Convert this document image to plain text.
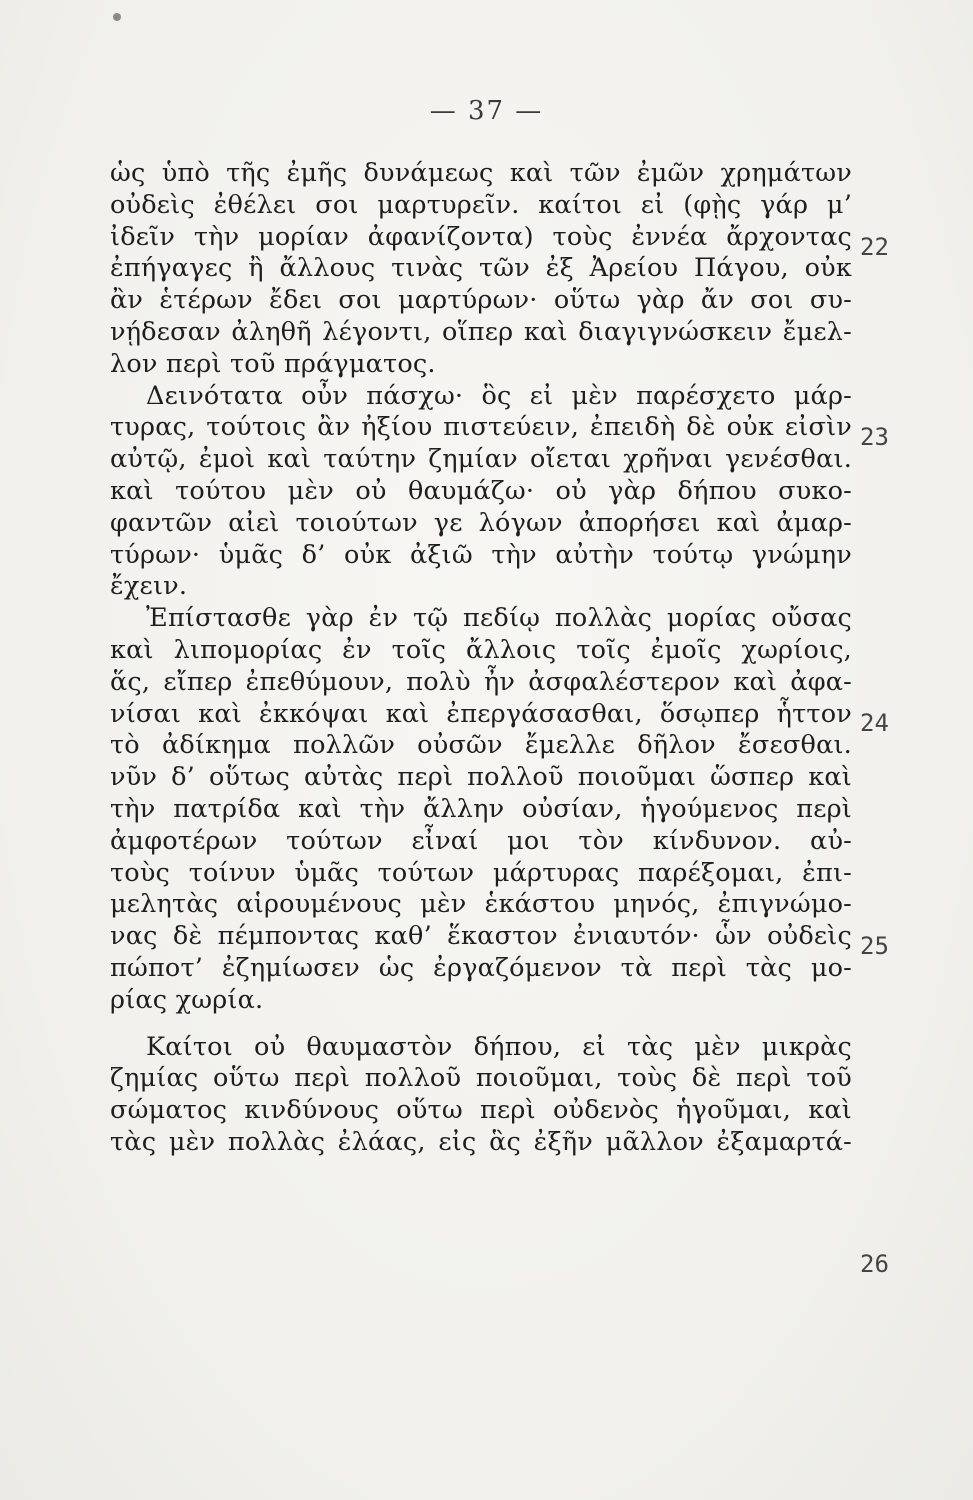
— 37 —
ὡς ὑπὸ τῆς ἐμῆς δυνάμεως καὶ τῶν ἐμῶν χρημάτων
οὐδεὶς ἐθέλει σοι μαρτυρεῖν. καίτοι εἰ (φῂς γάρ μ’
ἰδεῖν τὴν μορίαν ἀφανίζοντα) τοὺς ἐννέα ἄρχοντας
ἐπήγαγες ἢ ἄλλους τινὰς τῶν ἐξ Ἀρείου Πάγου, οὐκ
ἂν ἑτέρων ἔδει σοι μαρτύρων· οὕτω γὰρ ἄν σοι συ-
νῄδεσαν ἀληθῆ λέγοντι, οἵπερ καὶ διαγιγνώσκειν ἔμελ-
λον περὶ τοῦ πράγματος.
Δεινότατα οὖν πάσχω· ὃς εἰ μὲν παρέσχετο μάρ-
τυρας, τούτοις ἂν ἠξίου πιστεύειν, ἐπειδὴ δὲ οὐκ εἰσὶν
αὐτῷ, ἐμοὶ καὶ ταύτην ζημίαν οἴεται χρῆναι γενέσθαι.
καὶ τούτου μὲν οὐ θαυμάζω· οὐ γὰρ δήπου συκο-
φαντῶν αἰεὶ τοιούτων γε λόγων ἀπορήσει καὶ ἀμαρ-
τύρων· ὑμᾶς δ’ οὐκ ἀξιῶ τὴν αὐτὴν τούτῳ γνώμην
ἔχειν.
Ἐπίστασθε γὰρ ἐν τῷ πεδίῳ πολλὰς μορίας οὔσας
καὶ λιπομορίας ἐν τοῖς ἄλλοις τοῖς ἐμοῖς χωρίοις,
ἅς, εἴπερ ἐπεθύμουν, πολὺ ἦν ἀσφαλέστερον καὶ ἀφα-
νίσαι καὶ ἐκκόψαι καὶ ἐπεργάσασθαι, ὅσῳπερ ἧττον
τὸ ἀδίκημα πολλῶν οὐσῶν ἔμελλε δῆλον ἔσεσθαι.
νῦν δ’ οὕτως αὐτὰς περὶ πολλοῦ ποιοῦμαι ὥσπερ καὶ
τὴν πατρίδα καὶ τὴν ἄλλην οὐσίαν, ἡγούμενος περὶ
ἀμφοτέρων τούτων εἶναί μοι τὸν κίνδυνον. αὐ-
τοὺς τοίνυν ὑμᾶς τούτων μάρτυρας παρέξομαι, ἐπι-
μελητὰς αἱρουμένους μὲν ἑκάστου μηνός, ἐπιγνώμο-
νας δὲ πέμποντας καθ’ ἕκαστον ἐνιαυτόν· ὧν οὐδεὶς
πώποτ’ ἐζημίωσεν ὡς ἐργαζόμενον τὰ περὶ τὰς μο-
ρίας χωρία.
Καίτοι οὐ θαυμαστὸν δήπου, εἰ τὰς μὲν μικρὰς
ζημίας οὕτω περὶ πολλοῦ ποιοῦμαι, τοὺς δὲ περὶ τοῦ
σώματος κινδύνους οὕτω περὶ οὐδενὸς ἡγοῦμαι, καὶ
τὰς μὲν πολλὰς ἐλάας, εἰς ἃς ἐξῆν μᾶλλον ἐξαμαρτά-
22
23
24
25
26
